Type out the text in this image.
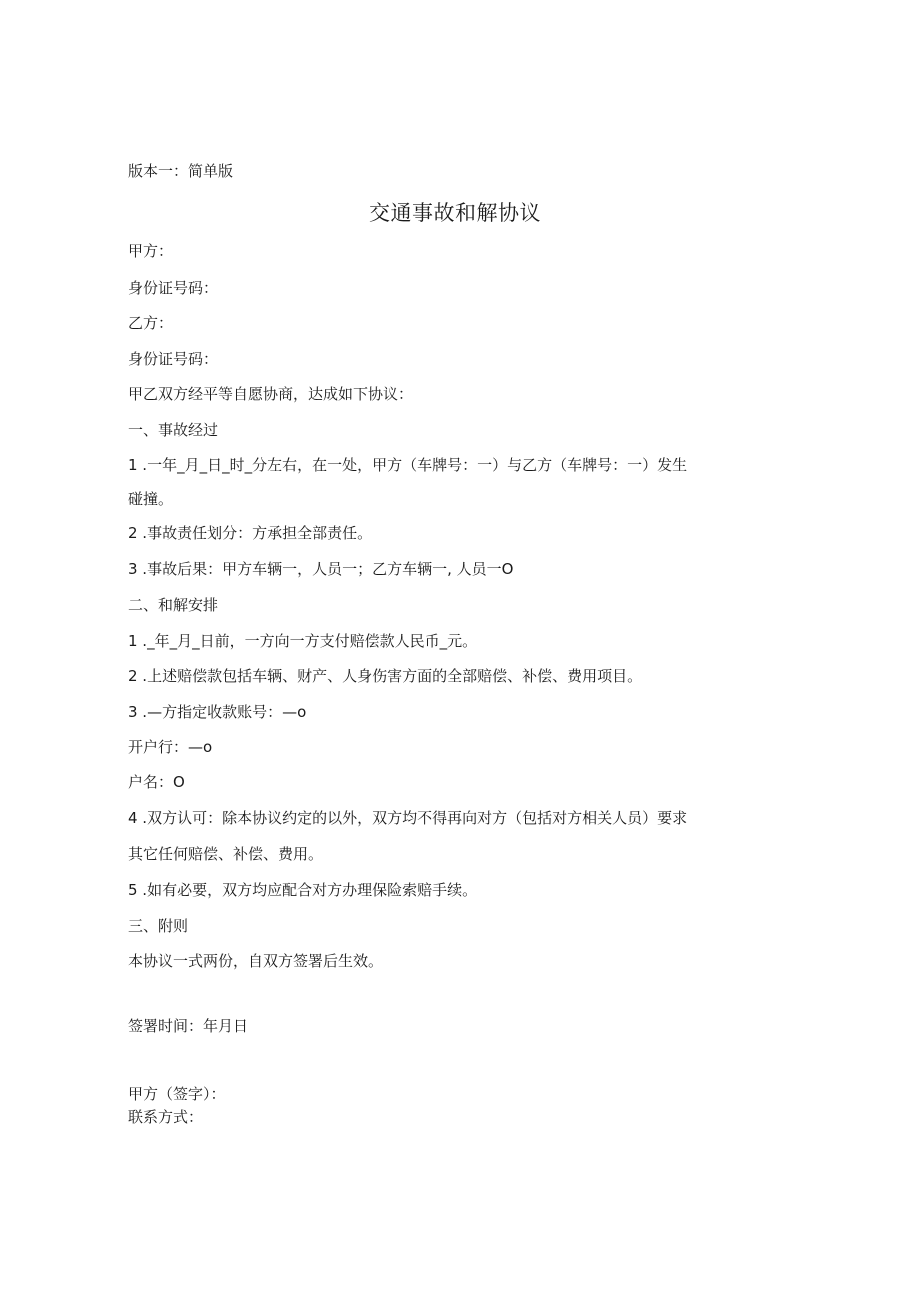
版本一：简单版
交通事故和解协议
甲方：
身份证号码：
乙方：
身份证号码：
甲乙双方经平等自愿协商，达成如下协议：
一、事故经过
1 .一年_月_日_时_分左右，在一处，甲方（车牌号：一）与乙方（车牌号：一）发生
碰撞。
2 .事故责任划分：方承担全部责任。
3 .事故后果：甲方车辆一，人员一；乙方车辆一, 人员一O
二、和解安排
1 ._年_月_日前，一方向一方支付赔偿款人民币_元。
2 .上述赔偿款包括车辆、财产、人身伤害方面的全部赔偿、补偿、费用项目。
3 .—方指定收款账号：—o
开户行：—o
户名：O
4 .双方认可：除本协议约定的以外，双方均不得再向对方（包括对方相关人员）要求
其它任何赔偿、补偿、费用。
5 .如有必要，双方均应配合对方办理保险索赔手续。
三、附则
本协议一式两份，自双方签署后生效。
签署时间：年月日
甲方（签字）：
联系方式：
